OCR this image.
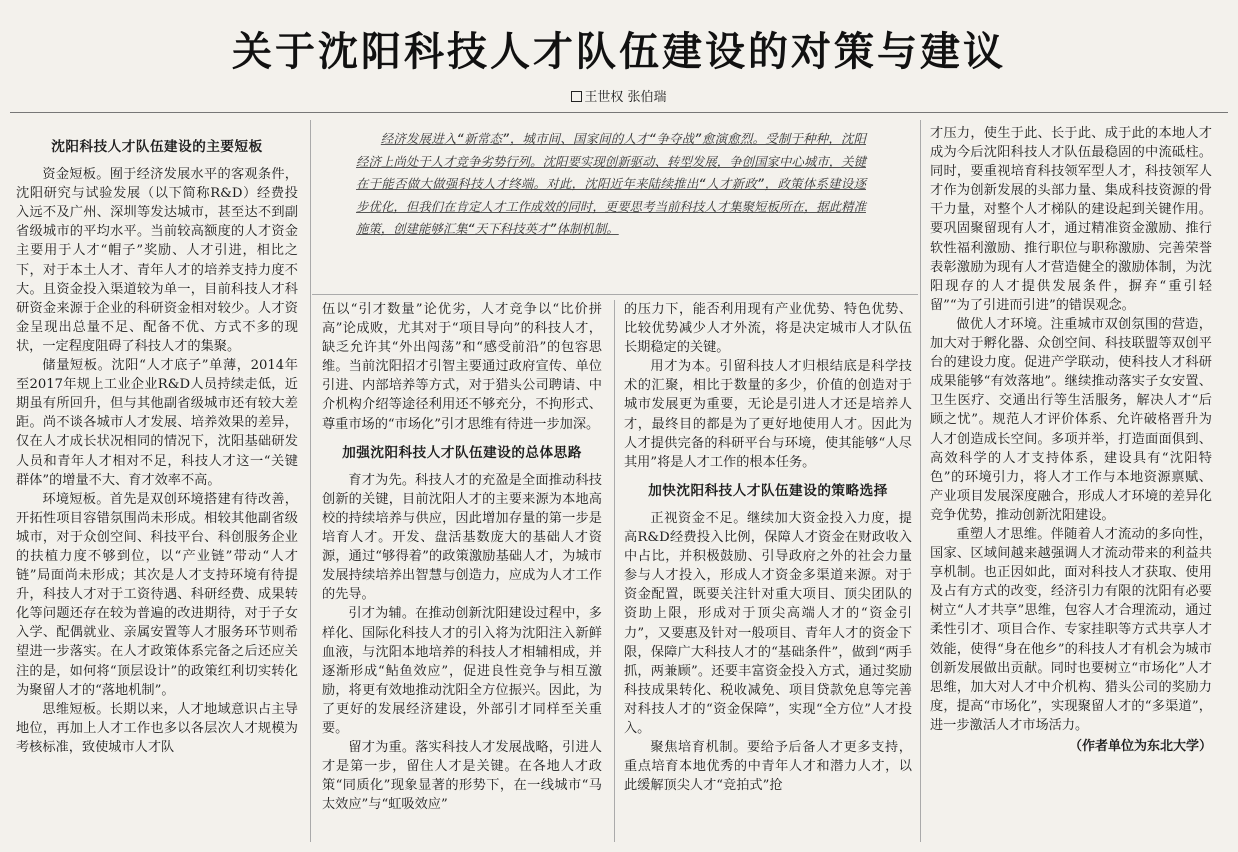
关于沈阳科技人才队伍建设的对策与建议
王世权 张伯瑞
沈阳科技人才队伍建设的主要短板

资金短板。囿于经济发展水平的客观条件，沈阳研究与试验发展（以下简称R&D）经费投入远不及广州、深圳等发达城市，甚至达不到副省级城市的平均水平。当前较高额度的人才资金主要用于人才“帽子”奖励、人才引进，相比之下，对于本土人才、青年人才的培养支持力度不大。且资金投入渠道较为单一，目前科技人才科研资金来源于企业的科研资金相对较少。人才资金呈现出总量不足、配备不优、方式不多的现状，一定程度阻碍了科技人才的集聚。

储量短板。沈阳“人才底子”单薄，2014年至2017年规上工业企业R&D人员持续走低，近期虽有所回升，但与其他副省级城市还有较大差距。尚不谈各城市人才发展、培养效果的差异，仅在人才成长状况相同的情况下，沈阳基础研发人员和青年人才相对不足，科技人才这一“关键群体”的增量不大、育才效率不高。

环境短板。首先是双创环境搭建有待改善，开拓性项目容错氛围尚未形成。相较其他副省级城市，对于众创空间、科技平台、科创服务企业的扶植力度不够到位，以“产业链”带动“人才链”局面尚未形成；其次是人才支持环境有待提升，科技人才对于工资待遇、科研经费、成果转化等问题还存在较为普遍的改进期待，对于子女入学、配偶就业、亲属安置等人才服务环节则希望进一步落实。在人才政策体系完备之后还应关注的是，如何将“顶层设计”的政策红利切实转化为聚留人才的“落地机制”。

思维短板。长期以来，人才地域意识占主导地位，再加上人才工作也多以各层次人才规模为考核标准，致使城市人才队

经济发展进入“新常态”，城市间、国家间的人才“争夺战”愈演愈烈。受制于种种，沈阳经济上尚处于人才竞争劣势行列。沈阳要实现创新驱动、转型发展，争创国家中心城市，关键在于能否做大做强科技人才终端。对此，沈阳近年来陆续推出“人才新政”，政策体系建设逐步优化，但我们在肯定人才工作成效的同时，更要思考当前科技人才集聚短板所在，据此精准施策，创建能够汇集“天下科技英才”体制机制。

伍以“引才数量”论优劣，人才竞争以“比价拼高”论成败，尤其对于“项目导向”的科技人才，缺乏允许其“外出闯荡”和“感受前沿”的包容思维。当前沈阳招才引智主要通过政府宣传、单位引进、内部培养等方式，对于猎头公司聘请、中介机构介绍等途径利用还不够充分，不拘形式、尊重市场的“市场化”引才思维有待进一步加深。

加强沈阳科技人才队伍建设的总体思路

育才为先。科技人才的充盈是全面推动科技创新的关键，目前沈阳人才的主要来源为本地高校的持续培养与供应，因此增加存量的第一步是培育人才。开发、盘活基数庞大的基础人才资源，通过“够得着”的政策激励基础人才，为城市发展持续培养出智慧与创造力，应成为人才工作的先导。

引才为辅。在推动创新沈阳建设过程中，多样化、国际化科技人才的引入将为沈阳注入新鲜血液，与沈阳本地培养的科技人才相辅相成，并逐渐形成“鲇鱼效应”，促进良性竞争与相互激励，将更有效地推动沈阳全方位振兴。因此，为了更好的发展经济建设，外部引才同样至关重要。

留才为重。落实科技人才发展战略，引进人才是第一步，留住人才是关键。在各地人才政策“同质化”现象显著的形势下，在一线城市“马太效应”与“虹吸效应”

的压力下，能否利用现有产业优势、特色优势、比较优势减少人才外流，将是决定城市人才队伍长期稳定的关键。

用才为本。引留科技人才归根结底是科学技术的汇聚，相比于数量的多少，价值的创造对于城市发展更为重要，无论是引进人才还是培养人才，最终目的都是为了更好地使用人才。因此为人才提供完备的科研平台与环境，使其能够“人尽其用”将是人才工作的根本任务。

加快沈阳科技人才队伍建设的策略选择

正视资金不足。继续加大资金投入力度，提高R&D经费投入比例，保障人才资金在财政收入中占比，并积极鼓励、引导政府之外的社会力量参与人才投入，形成人才资金多渠道来源。对于资金配置，既要关注针对重大项目、顶尖团队的资助上限，形成对于顶尖高端人才的“资金引力”，又要惠及针对一般项目、青年人才的资金下限，保障广大科技人才的“基础条件”，做到“两手抓，两兼顾”。还要丰富资金投入方式，通过奖励科技成果转化、税收减免、项目贷款免息等完善对科技人才的“资金保障”，实现“全方位”人才投入。

聚焦培育机制。要给予后备人才更多支持，重点培育本地优秀的中青年人才和潜力人才，以此缓解顶尖人才“竞拍式”抢

才压力，使生于此、长于此、成于此的本地人才成为今后沈阳科技人才队伍最稳固的中流砥柱。同时，要重视培育科技领军型人才，科技领军人才作为创新发展的头部力量、集成科技资源的骨干力量，对整个人才梯队的建设起到关键作用。要巩固聚留现有人才，通过精准资金激励、推行软性福利激励、推行职位与职称激励、完善荣誉表彰激励为现有人才营造健全的激励体制，为沈阳现存的人才提供发展条件，摒弃“重引轻留”“为了引进而引进”的错误观念。

做优人才环境。注重城市双创氛围的营造，加大对于孵化器、众创空间、科技联盟等双创平台的建设力度。促进产学联动，使科技人才科研成果能够“有效落地”。继续推动落实子女安置、卫生医疗、交通出行等生活服务，解决人才“后顾之忧”。规范人才评价体系、允许破格晋升为人才创造成长空间。多项并举，打造面面俱到、高效科学的人才支持体系，建设具有“沈阳特色”的环境引力，将人才工作与本地资源禀赋、产业项目发展深度融合，形成人才环境的差异化竞争优势，推动创新沈阳建设。

重塑人才思维。伴随着人才流动的多向性，国家、区域间越来越强调人才流动带来的利益共享机制。也正因如此，面对科技人才获取、使用及占有方式的改变，经济引力有限的沈阳有必要树立“人才共享”思维，包容人才合理流动，通过柔性引才、项目合作、专家挂职等方式共享人才效能，使得“身在他乡”的科技人才有机会为城市创新发展做出贡献。同时也要树立“市场化”人才思维，加大对人才中介机构、猎头公司的奖励力度，提高“市场化”，实现聚留人才的“多渠道”，进一步激活人才市场活力。

（作者单位为东北大学）
